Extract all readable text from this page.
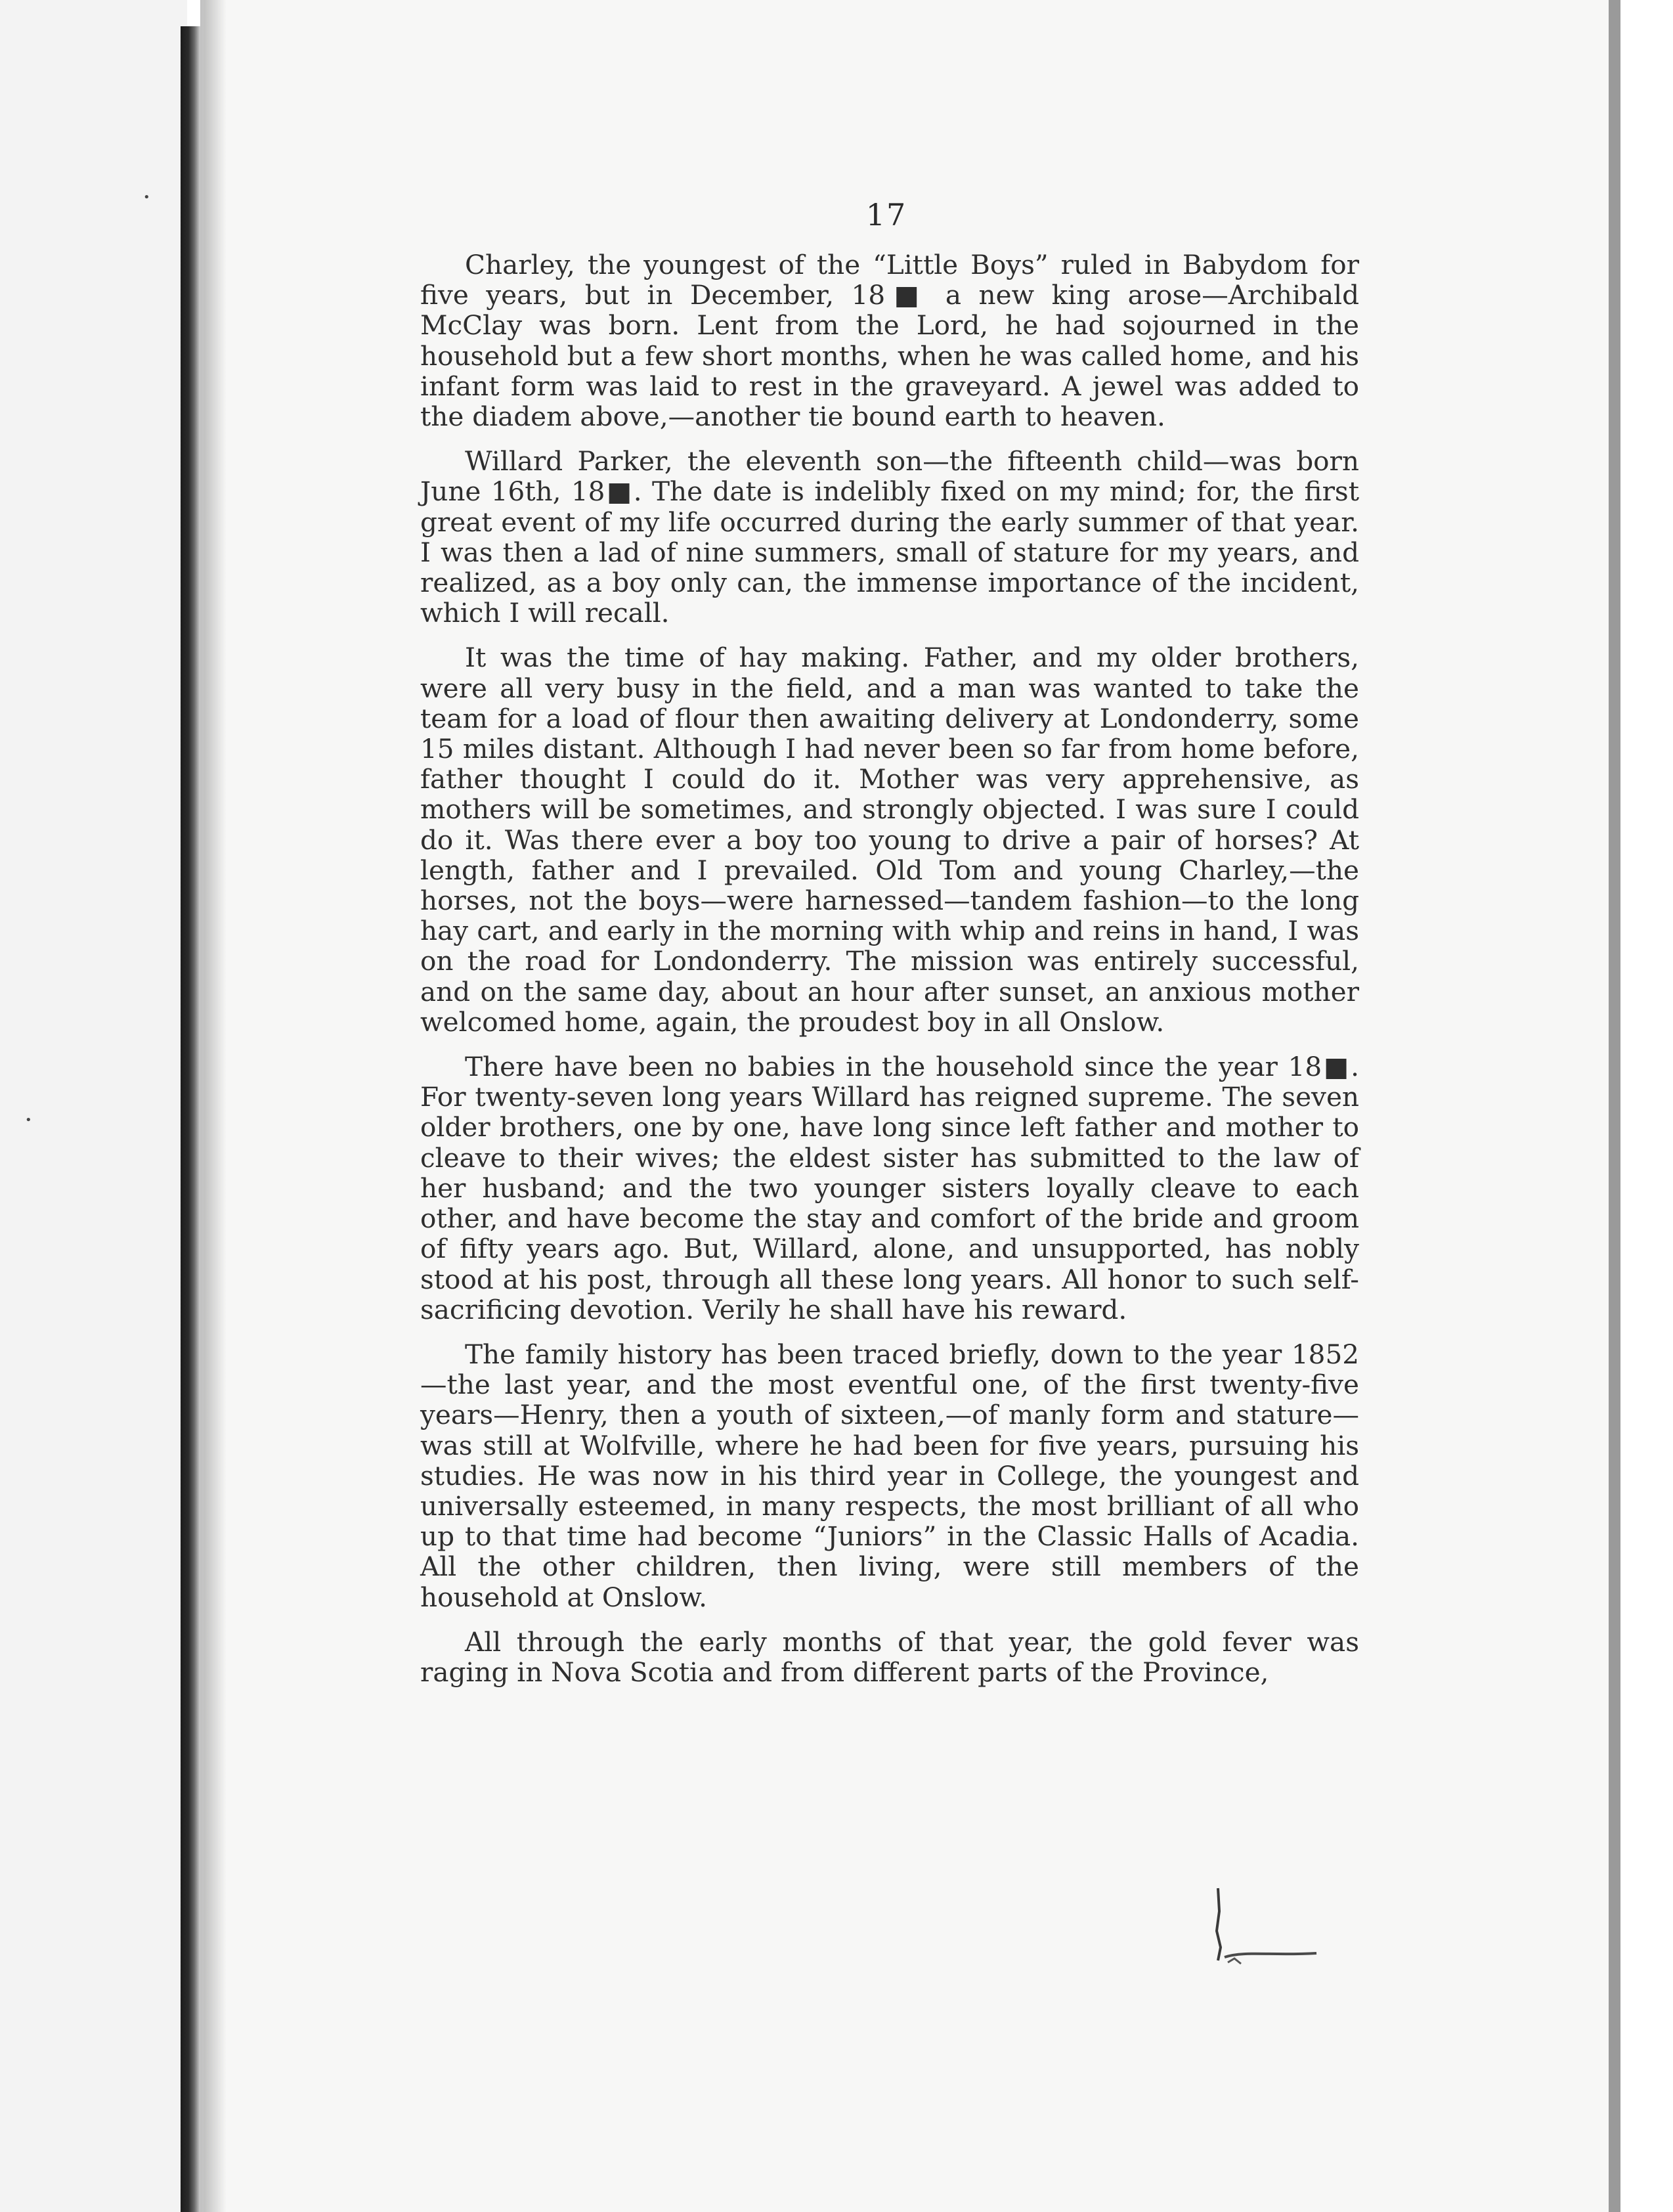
•
•
17

Charley, the youngest of the “Little Boys” ruled in Babydom for five years, but in December, 18■ a new king arose—Archibald McClay was born. Lent from the Lord, he had sojourned in the household but a few short months, when he was called home, and his infant form was laid to rest in the graveyard. A jewel was added to the diadem above,—another tie bound earth to heaven.

Willard Parker, the eleventh son—the fifteenth child—was born June 16th, 18■. The date is indelibly fixed on my mind; for, the first great event of my life occurred during the early summer of that year. I was then a lad of nine summers, small of stature for my years, and realized, as a boy only can, the immense importance of the incident, which I will recall.

It was the time of hay making. Father, and my older brothers, were all very busy in the field, and a man was wanted to take the team for a load of flour then awaiting delivery at Londonderry, some 15 miles distant. Although I had never been so far from home before, father thought I could do it. Mother was very apprehensive, as mothers will be sometimes, and strongly objected. I was sure I could do it. Was there ever a boy too young to drive a pair of horses? At length, father and I prevailed. Old Tom and young Charley,—the horses, not the boys—were harnessed—tandem fashion—to the long hay cart, and early in the morning with whip and reins in hand, I was on the road for Londonderry. The mission was entirely successful, and on the same day, about an hour after sunset, an anxious mother welcomed home, again, the proudest boy in all Onslow.

There have been no babies in the household since the year 18■. For twenty-seven long years Willard has reigned supreme. The seven older brothers, one by one, have long since left father and mother to cleave to their wives; the eldest sister has submitted to the law of her husband; and the two younger sisters loyally cleave to each other, and have become the stay and comfort of the bride and groom of fifty years ago. But, Willard, alone, and unsupported, has nobly stood at his post, through all these long years. All honor to such self-sacrificing devotion. Verily he shall have his reward.

The family history has been traced briefly, down to the year 1852—the last year, and the most eventful one, of the first twenty-five years—Henry, then a youth of sixteen,—of manly form and stature—was still at Wolfville, where he had been for five years, pursuing his studies. He was now in his third year in College, the youngest and universally esteemed, in many respects, the most brilliant of all who up to that time had become “Juniors” in the Classic Halls of Acadia. All the other children, then living, were still members of the household at Onslow.

All through the early months of that year, the gold fever was raging in Nova Scotia and from different parts of the Province,
